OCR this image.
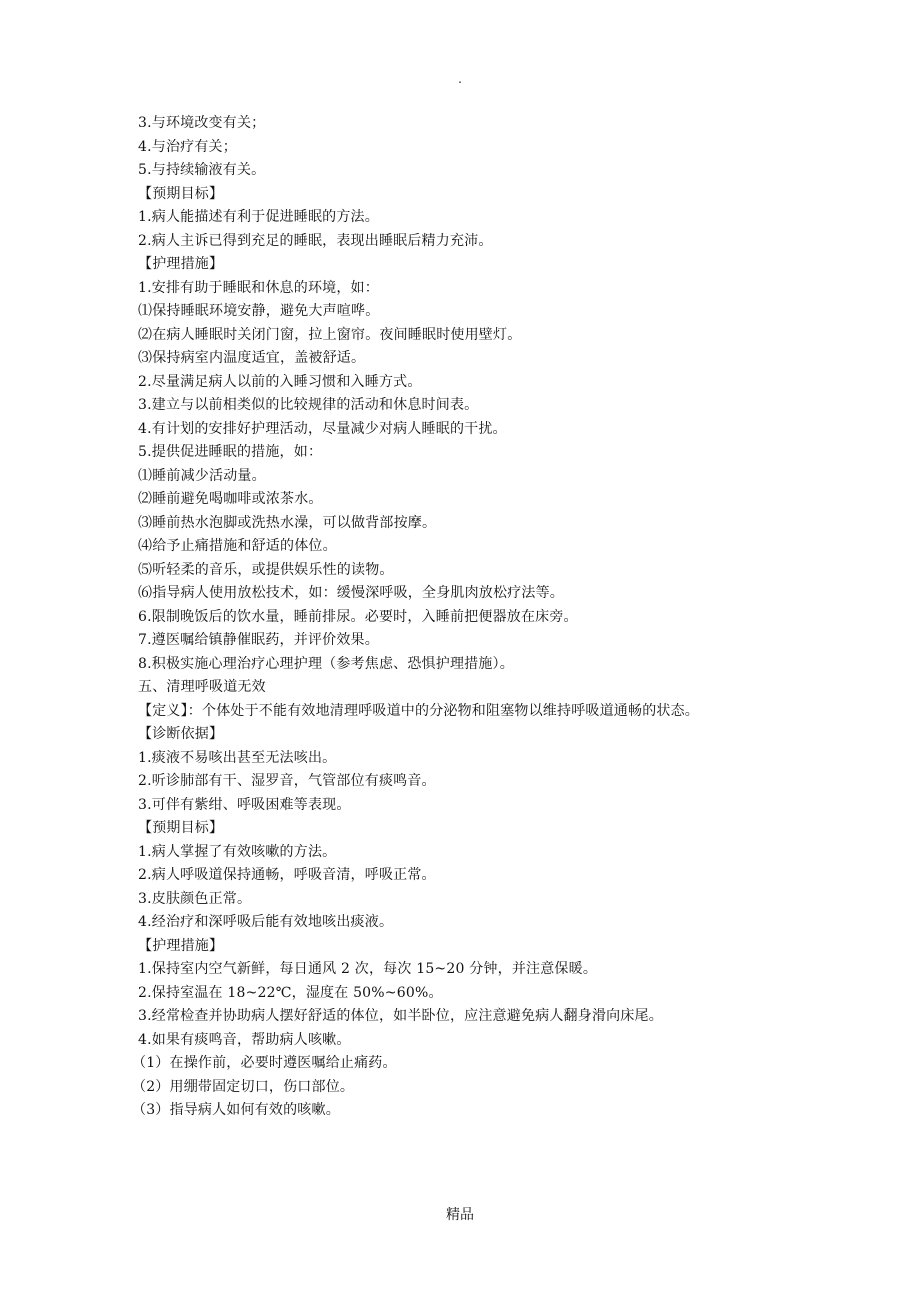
.
3.与环境改变有关；
4.与治疗有关；
5.与持续输液有关。
【预期目标】
1.病人能描述有利于促进睡眠的方法。
2.病人主诉已得到充足的睡眠，表现出睡眠后精力充沛。
【护理措施】
1.安排有助于睡眠和休息的环境，如：
⑴保持睡眠环境安静，避免大声喧哗。
⑵在病人睡眠时关闭门窗，拉上窗帘。夜间睡眠时使用壁灯。
⑶保持病室内温度适宜，盖被舒适。
2.尽量满足病人以前的入睡习惯和入睡方式。
3.建立与以前相类似的比较规律的活动和休息时间表。
4.有计划的安排好护理活动，尽量减少对病人睡眠的干扰。
5.提供促进睡眠的措施，如：
⑴睡前减少活动量。
⑵睡前避免喝咖啡或浓茶水。
⑶睡前热水泡脚或洗热水澡，可以做背部按摩。
⑷给予止痛措施和舒适的体位。
⑸听轻柔的音乐，或提供娱乐性的读物。
⑹指导病人使用放松技术，如：缓慢深呼吸，全身肌肉放松疗法等。
6.限制晚饭后的饮水量，睡前排尿。必要时，入睡前把便器放在床旁。
7.遵医嘱给镇静催眠药，并评价效果。
8.积极实施心理治疗心理护理（参考焦虑、恐惧护理措施）。
五、清理呼吸道无效
【定义】：个体处于不能有效地清理呼吸道中的分泌物和阻塞物以维持呼吸道通畅的状态。
【诊断依据】
1.痰液不易咳出甚至无法咳出。
2.听诊肺部有干、湿罗音，气管部位有痰鸣音。
3.可伴有紫绀、呼吸困难等表现。
【预期目标】
1.病人掌握了有效咳嗽的方法。
2.病人呼吸道保持通畅，呼吸音清，呼吸正常。
3.皮肤颜色正常。
4.经治疗和深呼吸后能有效地咳出痰液。
【护理措施】
1.保持室内空气新鲜，每日通风 2 次，每次 15~20 分钟，并注意保暖。
2.保持室温在 18~22℃，湿度在 50%~60%。
3.经常检查并协助病人摆好舒适的体位，如半卧位，应注意避免病人翻身滑向床尾。
4.如果有痰鸣音，帮助病人咳嗽。
（1）在操作前，必要时遵医嘱给止痛药。
（2）用绷带固定切口，伤口部位。
（3）指导病人如何有效的咳嗽。
精品
